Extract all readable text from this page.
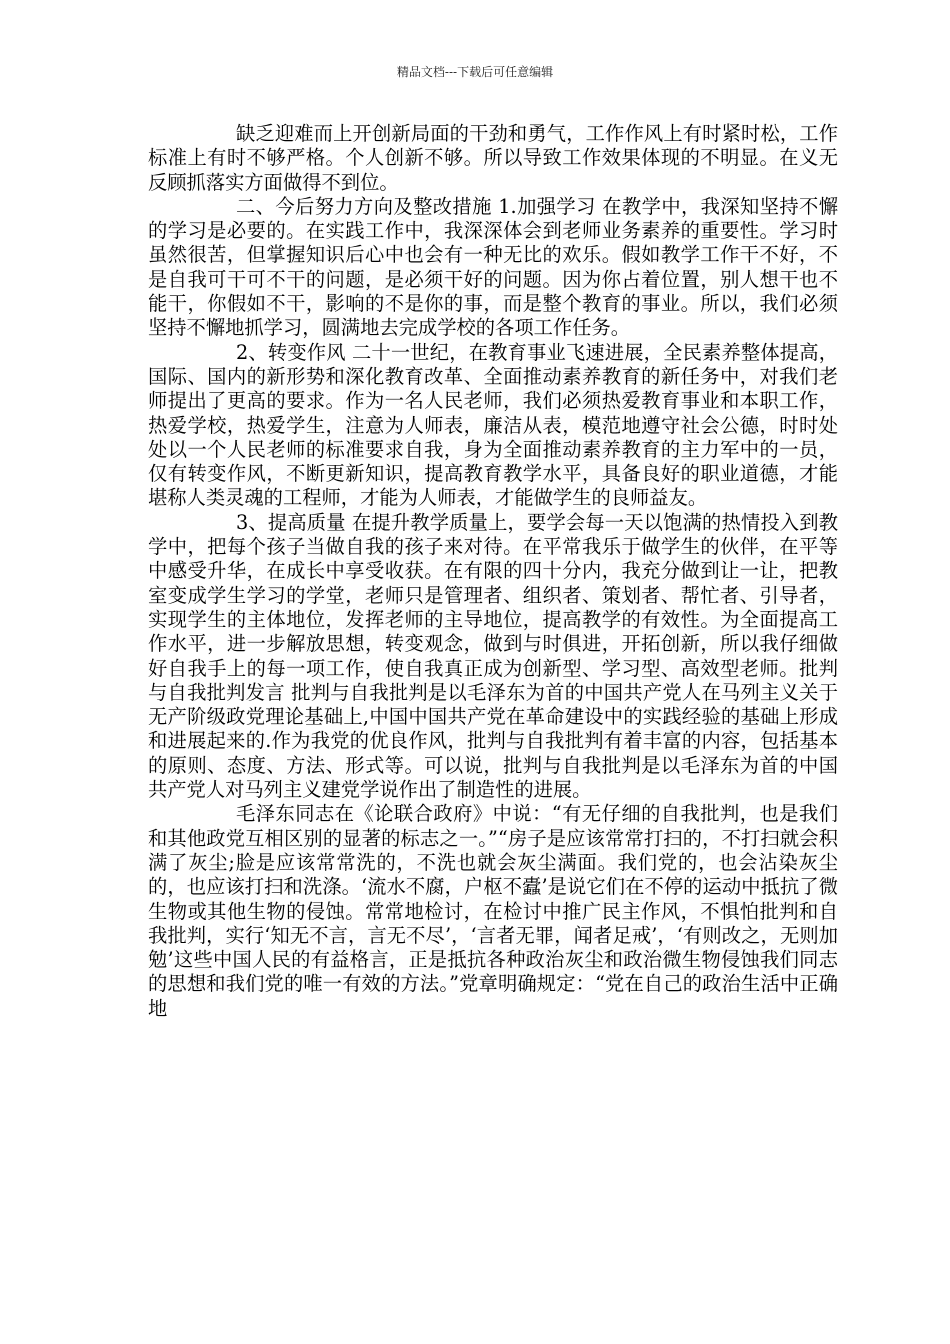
精品文档---下载后可任意编辑

缺乏迎难而上开创新局面的干劲和勇气，工作作风上有时紧时松，工作标准上有时不够严格。个人创新不够。所以导致工作效果体现的不明显。在义无反顾抓落实方面做得不到位。

二、今后努力方向及整改措施 1.加强学习 在教学中，我深知坚持不懈的学习是必要的。在实践工作中，我深深体会到老师业务素养的重要性。学习时虽然很苦，但掌握知识后心中也会有一种无比的欢乐。假如教学工作干不好，不是自我可干可不干的问题，是必须干好的问题。因为你占着位置，别人想干也不能干，你假如不干，影响的不是你的事，而是整个教育的事业。所以，我们必须坚持不懈地抓学习，圆满地去完成学校的各项工作任务。

2、转变作风 二十一世纪，在教育事业飞速进展，全民素养整体提高，国际、国内的新形势和深化教育改革、全面推动素养教育的新任务中，对我们老师提出了更高的要求。作为一名人民老师，我们必须热爱教育事业和本职工作，热爱学校，热爱学生，注意为人师表，廉洁从表，模范地遵守社会公德，时时处处以一个人民老师的标准要求自我，身为全面推动素养教育的主力军中的一员，仅有转变作风，不断更新知识，提高教育教学水平，具备良好的职业道德，才能堪称人类灵魂的工程师，才能为人师表，才能做学生的良师益友。

3、提高质量 在提升教学质量上，要学会每一天以饱满的热情投入到教学中，把每个孩子当做自我的孩子来对待。在平常我乐于做学生的伙伴，在平等中感受升华，在成长中享受收获。在有限的四十分内，我充分做到让一让，把教室变成学生学习的学堂，老师只是管理者、组织者、策划者、帮忙者、引导者，实现学生的主体地位，发挥老师的主导地位，提高教学的有效性。为全面提高工作水平，进一步解放思想，转变观念，做到与时俱进，开拓创新，所以我仔细做好自我手上的每一项工作，使自我真正成为创新型、学习型、高效型老师。批判与自我批判发言 批判与自我批判是以毛泽东为首的中国共产党人在马列主义关于无产阶级政党理论基础上,中国中国共产党在革命建设中的实践经验的基础上形成和进展起来的.作为我党的优良作风，批判与自我批判有着丰富的内容，包括基本的原则、态度、方法、形式等。可以说，批判与自我批判是以毛泽东为首的中国共产党人对马列主义建党学说作出了制造性的进展。

毛泽东同志在《论联合政府》中说：“有无仔细的自我批判，也是我们和其他政党互相区别的显著的标志之一。”“房子是应该常常打扫的，不打扫就会积满了灰尘;脸是应该常常洗的，不洗也就会灰尘满面。我们党的，也会沾染灰尘的，也应该打扫和洗涤。‘流水不腐，户枢不蠹’是说它们在不停的运动中抵抗了微生物或其他生物的侵蚀。常常地检讨，在检讨中推广民主作风，不惧怕批判和自我批判，实行‘知无不言，言无不尽’，‘言者无罪，闻者足戒’，‘有则改之，无则加勉’这些中国人民的有益格言，正是抵抗各种政治灰尘和政治微生物侵蚀我们同志的思想和我们党的唯一有效的方法。”党章明确规定：“党在自己的政治生活中正确地
